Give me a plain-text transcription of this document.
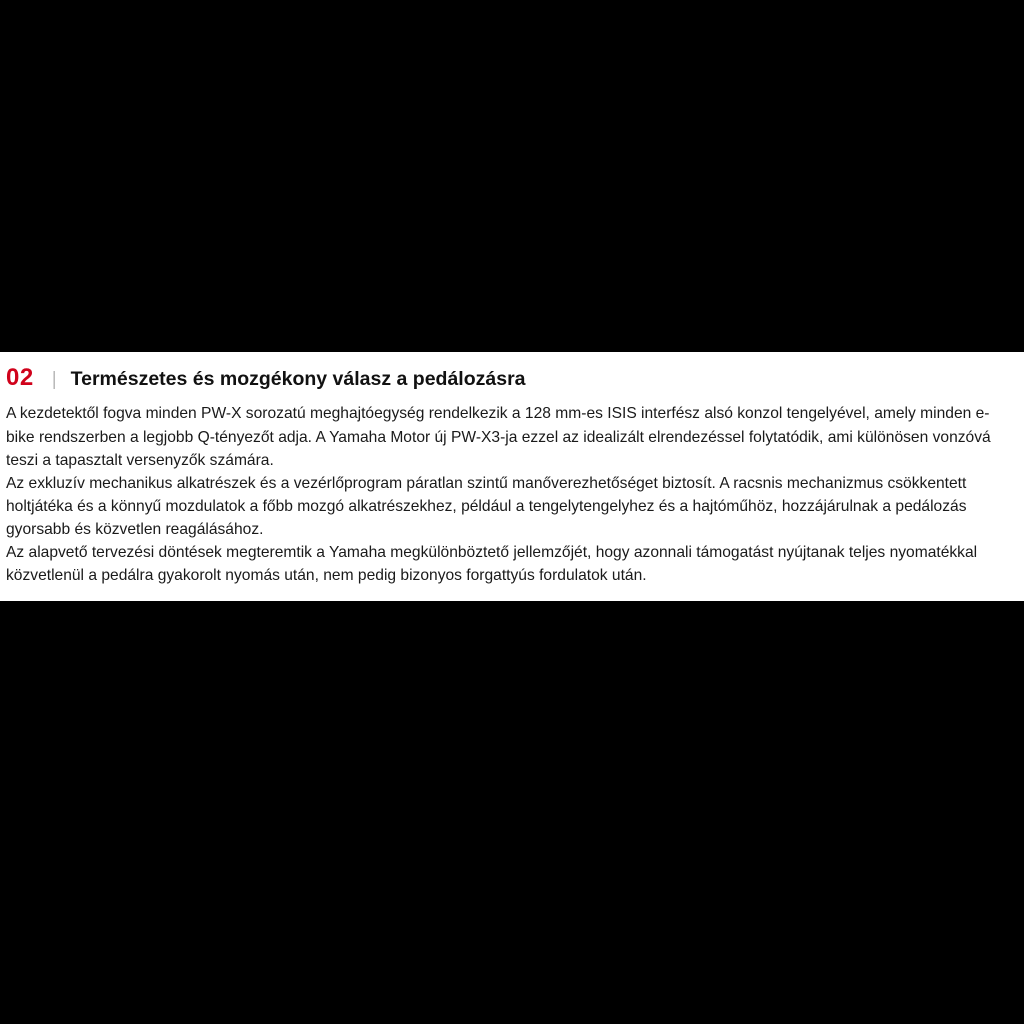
02 | Természetes és mozgékony válasz a pedálozásra

A kezdetektől fogva minden PW-X sorozatú meghajtóegység rendelkezik a 128 mm-es ISIS interfész alsó konzol tengelyével, amely minden e-bike rendszerben a legjobb Q-tényezőt adja. A Yamaha Motor új PW-X3-ja ezzel az idealizált elrendezéssel folytatódik, ami különösen vonzóvá teszi a tapasztalt versenyzők számára.

Az exkluzív mechanikus alkatrészek és a vezérlőprogram páratlan szintű manőverezhetőséget biztosít. A racsnis mechanizmus csökkentett holtjátéka és a könnyű mozdulatok a főbb mozgó alkatrészekhez, például a tengelytengelyhez és a hajtóműhöz, hozzájárulnak a pedálozás gyorsabb és közvetlen reagálásához.

Az alapvető tervezési döntések megteremtik a Yamaha megkülönböztető jellemzőjét, hogy azonnali támogatást nyújtanak teljes nyomatékkal közvetlenül a pedálra gyakorolt nyomás után, nem pedig bizonyos forgattyús fordulatok után.
